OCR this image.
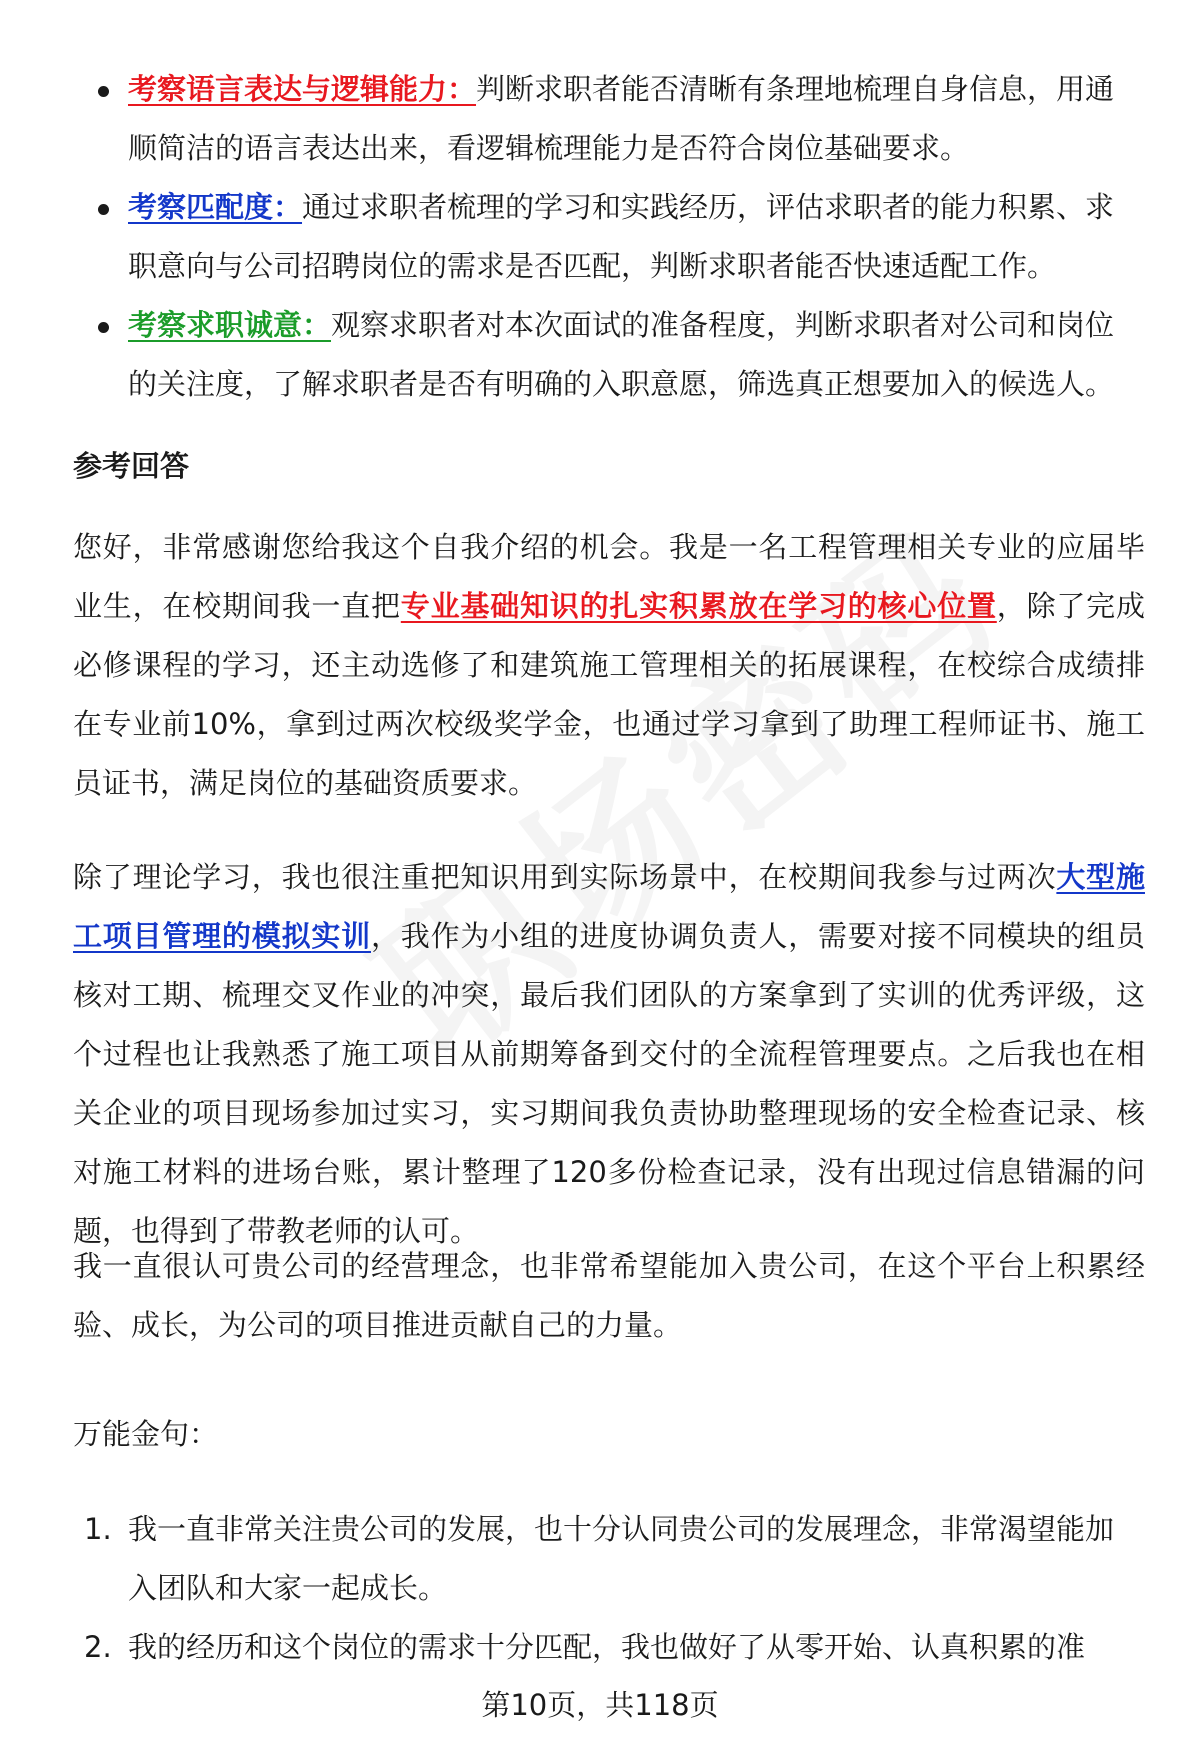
考察语言表达与逻辑能力：判断求职者能否清晰有条理地梳理自身信息，用通顺简洁的语言表达出来，看逻辑梳理能力是否符合岗位基础要求。
考察匹配度：通过求职者梳理的学习和实践经历，评估求职者的能力积累、求职意向与公司招聘岗位的需求是否匹配，判断求职者能否快速适配工作。
考察求职诚意：观察求职者对本次面试的准备程度，判断求职者对公司和岗位的关注度，了解求职者是否有明确的入职意愿，筛选真正想要加入的候选人。
参考回答
您好，非常感谢您给我这个自我介绍的机会。我是一名工程管理相关专业的应届毕业生，在校期间我一直把专业基础知识的扎实积累放在学习的核心位置，除了完成必修课程的学习，还主动选修了和建筑施工管理相关的拓展课程，在校综合成绩排在专业前10%，拿到过两次校级奖学金，也通过学习拿到了助理工程师证书、施工员证书，满足岗位的基础资质要求。
除了理论学习，我也很注重把知识用到实际场景中，在校期间我参与过两次大型施工项目管理的模拟实训，我作为小组的进度协调负责人，需要对接不同模块的组员核对工期、梳理交叉作业的冲突，最后我们团队的方案拿到了实训的优秀评级，这个过程也让我熟悉了施工项目从前期筹备到交付的全流程管理要点。之后我也在相关企业的项目现场参加过实习，实习期间我负责协助整理现场的安全检查记录、核对施工材料的进场台账，累计整理了120多份检查记录，没有出现过信息错漏的问题，也得到了带教老师的认可。
我一直很认可贵公司的经营理念，也非常希望能加入贵公司，在这个平台上积累经验、成长，为公司的项目推进贡献自己的力量。
万能金句：
1. 我一直非常关注贵公司的发展，也十分认同贵公司的发展理念，非常渴望能加入团队和大家一起成长。
2. 我的经历和这个岗位的需求十分匹配，我也做好了从零开始、认真积累的准
第10页，共118页
